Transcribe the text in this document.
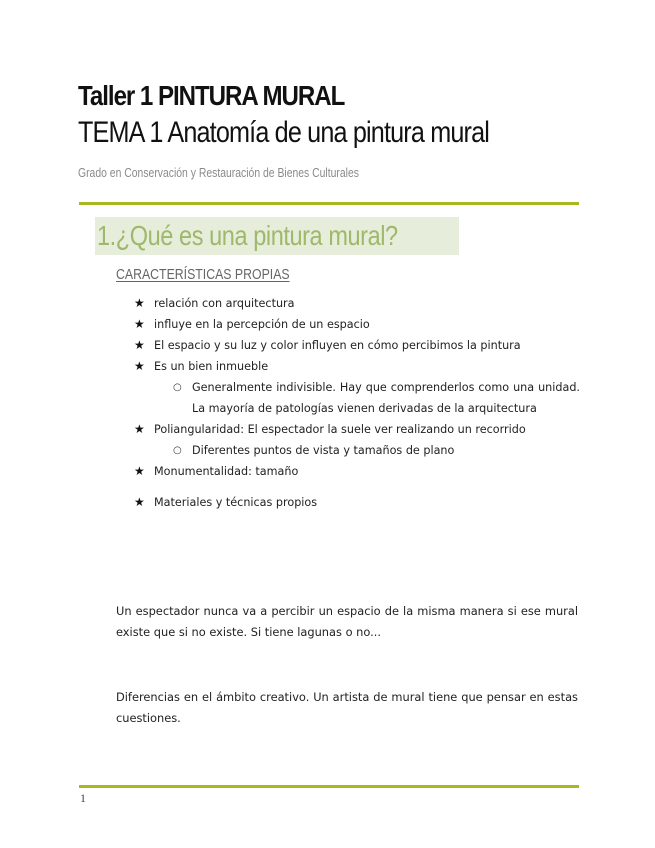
Taller 1 PINTURA MURAL
TEMA 1 Anatomía de una pintura mural
Grado en Conservación y Restauración de Bienes Culturales
1.¿Qué es una pintura mural?
CARACTERÍSTICAS PROPIAS
★ relación con arquitectura
★ influye en la percepción de un espacio
★ El espacio y su luz y color influyen en cómo percibimos la pintura
★ Es un bien inmueble
○ Generalmente indivisible. Hay que comprenderlos como una unidad. La mayoría de patologías vienen derivadas de la arquitectura
★ Poliangularidad: El espectador la suele ver realizando un recorrido
○ Diferentes puntos de vista y tamaños de plano
★ Monumentalidad: tamaño
★ Materiales y técnicas propios

Un espectador nunca va a percibir un espacio de la misma manera si ese mural existe que si no existe. Si tiene lagunas o no...

Diferencias en el ámbito creativo. Un artista de mural tiene que pensar en estas cuestiones.

1
